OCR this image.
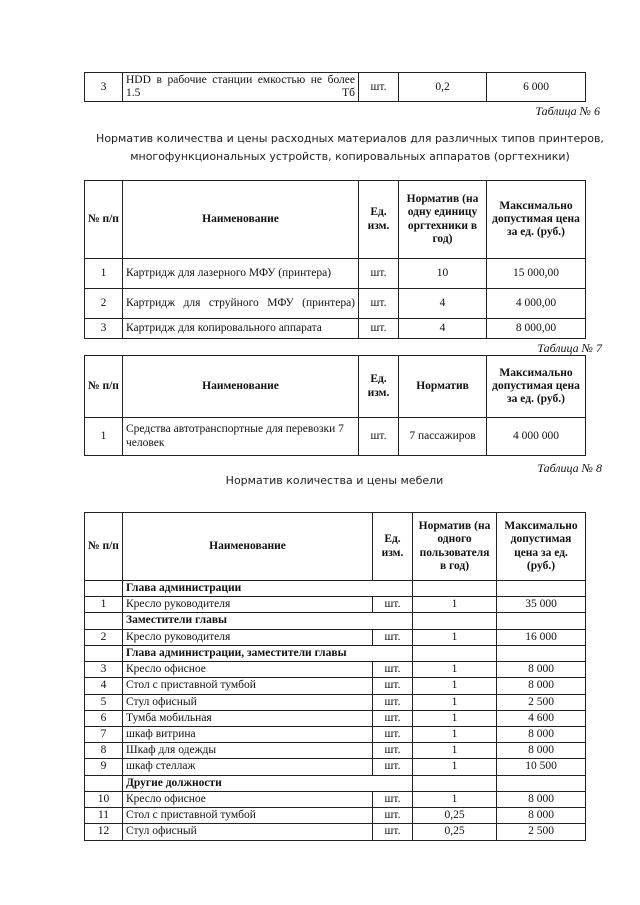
3	HDD в рабочие станции емкостью не более 1.5 Тб	шт.	0,2	6 000
Таблица № 6
Норматив количества и цены расходных материалов для различных типов принтеров,
многофункциональных устройств, копировальных аппаратов (оргтехники)
№ п/п	Наименование	Ед. изм.	Норматив (на одну единицу оргтехники в год)	Максимально допустимая цена за ед. (руб.)
1	Картридж для лазерного МФУ (принтера)	шт.	10	15 000,00
2	Картридж для струйного МФУ (принтера)	шт.	4	4 000,00
3	Картридж для копировального аппарата	шт.	4	8 000,00
Таблица № 7
№ п/п	Наименование	Ед. изм.	Норматив	Максимально допустимая цена за ед. (руб.)
1	Средства автотранспортные для перевозки 7 человек	шт.	7 пассажиров	4 000 000
Таблица № 8
Норматив количества и цены мебели
№ п/п	Наименование	Ед. изм.	Норматив (на одного пользователя в год)	Максимально допустимая цена за ед. (руб.)
	Глава администрации			
1	Кресло руководителя	шт.	1	35 000
	Заместители главы			
2	Кресло руководителя	шт.	1	16 000
	Глава администрации, заместители главы			
3	Кресло офисное	шт.	1	8 000
4	Стол с приставной тумбой	шт.	1	8 000
5	Стул офисный	шт.	1	2 500
6	Тумба мобильная	шт.	1	4 600
7	шкаф витрина	шт.	1	8 000
8	Шкаф для одежды	шт.	1	8 000
9	шкаф стеллаж	шт.	1	10 500
	Другие должности			
10	Кресло офисное	шт.	1	8 000
11	Стол с приставной тумбой	шт.	0,25	8 000
12	Стул офисный	шт.	0,25	2 500
